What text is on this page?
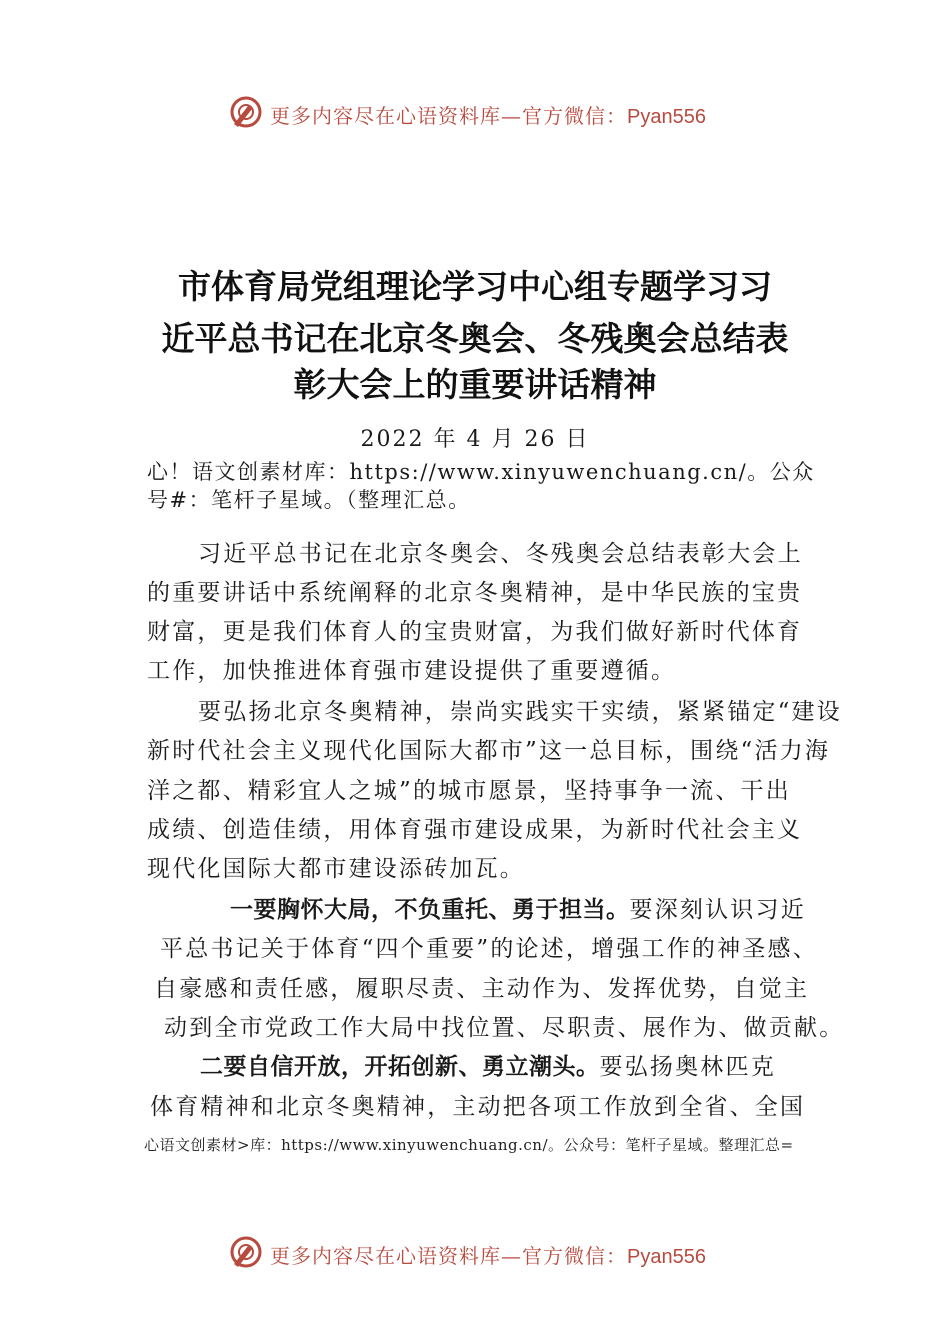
更多内容尽在心语资料库—官方微信：Pyan556
市体育局党组理论学习中心组专题学习习
近平总书记在北京冬奥会、冬残奥会总结表
彰大会上的重要讲话精神
2022 年 4 月 26 日
心！语文创素材库：https://www.xinyuwenchuang.cn/。公众
号#：笔杆子星域。（整理汇总。
习近平总书记在北京冬奥会、冬残奥会总结表彰大会上
的重要讲话中系统阐释的北京冬奥精神，是中华民族的宝贵
财富，更是我们体育人的宝贵财富，为我们做好新时代体育
工作，加快推进体育强市建设提供了重要遵循。
要弘扬北京冬奥精神，崇尚实践实干实绩，紧紧锚定“建设
新时代社会主义现代化国际大都市”这一总目标，围绕“活力海
洋之都、精彩宜人之城”的城市愿景，坚持事争一流、干出
成绩、创造佳绩，用体育强市建设成果，为新时代社会主义
现代化国际大都市建设添砖加瓦。
一要胸怀大局，不负重托、勇于担当。要深刻认识习近
平总书记关于体育“四个重要”的论述，增强工作的神圣感、
自豪感和责任感，履职尽责、主动作为、发挥优势，自觉主
动到全市党政工作大局中找位置、尽职责、展作为、做贡献。
二要自信开放，开拓创新、勇立潮头。要弘扬奥林匹克
体育精神和北京冬奥精神，主动把各项工作放到全省、全国
心语文创素材>库：https://www.xinyuwenchuang.cn/。公众号：笔杆子星域。整理汇总=
更多内容尽在心语资料库—官方微信：Pyan556
